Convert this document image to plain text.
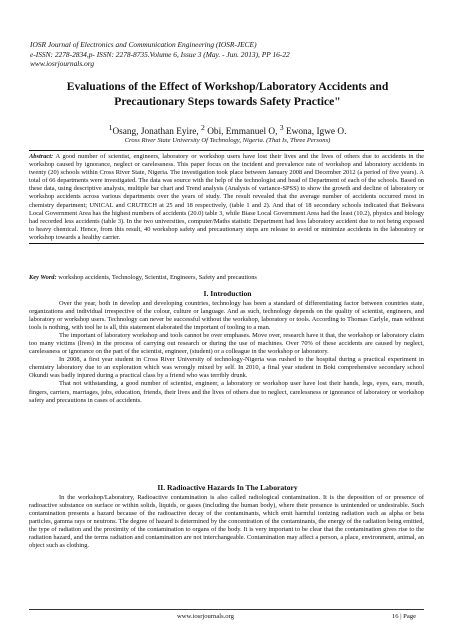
IOSR Journal of Electronics and Communication Engineering (IOSR-JECE)
e-ISSN: 2278-2834,p- ISSN: 2278-8735.Volume 6, Issue 3 (May. - Jun. 2013), PP 16-22
www.iosrjournals.org
Evaluations of the Effect of Workshop/Laboratory Accidents and Precautionary Steps towards Safety Practice"
$^1$Osang, Jonathan Eyire, $^2$ Obi, Emmanuel O, $^3$ Ewona, Igwe O.
Cross River State University Of Technology, Nigeria. (That Is, Three Persons)
Abstract: A good number of scientist, engineers, laboratory or workshop users have lost their lives and the lives of others due to accidents in the workshop caused by ignorance, neglect or carelessness. This paper focus on the incident and prevalence rate of workshop and laboratory accidents in twenty (20) schools within Cross River State, Nigeria. The investigation took place between January 2008 and December 2012 (a period of five years). A total of 66 departments were investigated. The data was source with the help of the technologist and head of Department of each of the schools. Based on these data, using descriptive analysis, multiple bar chart and Trend analysis (Analysis of variance-SPSS) to show the growth and decline of laboratory or workshop accidents across various departments over the years of study. The result revealed that the average number of accidents occurred most in chemistry department; UNICAL and CRUTECH at 25 and 18 respectively, (table 1 and 2). And that of 18 secondary schools indicated that Bekwara Local Government Area has the highest numbers of accidents (20.0) table 3, while Biase Local Government Area had the least (10.2), physics and biology had recorded less accidents (table 3). In the two universities, computer/Maths statistic Department had less laboratory accident due to not being exposed to heavy chemical. Hence, from this result, 40 workshop safety and precautionary steps are release to avoid or minimize accidents in the laboratory or workshop towards a healthy carrier.
Key Word: workshop accidents, Technology, Scientist, Engineers, Safety and precautions
I. Introduction

Over the year, both in develop and developing countries, technology has been a standard of differentiating factor between countries state, organizations and individual irrespective of the colour, culture or language. And as such, technology depends on the quality of scientist, engineers, and laboratory or workshop users. Technology can never be successful without the workshop, laboratory or tools. According to Thomas Carlyle, man without tools is nothing, with tool he is all, this statement elaborated the important of tooling to a man.

The important of laboratory workshop and tools cannot be over emphases. Move over, research have it that, the workshop or laboratory claim too many victims (lives) in the process of carrying out research or during the use of machines. Over 70% of these accidents are caused by neglect, carelessness or ignorance on the part of the scientist, engineer, (student) or a colleague in the workshop or laboratory.

In 2008, a first year student in Cross River University of technology-Nigeria was rushed to the hospital during a practical experiment in chemistry laboratory due to an exploration which was wrongly mixed by self. In 2010, a final year student in Boki comprehensive secondary school Okundi was badly injured during a practical class by a friend who was terribly drunk.

That not withstanding, a good number of scientist, engineer, a laboratory or workshop user have lost their hands, legs, eyes, ears, mouth, fingers, carriers, marriages, jobs, education, friends, their lives and the lives of others due to neglect, carelessness or ignorance of laboratory or workshop safety and precautions in cases of accidents.

II. Radioactive Hazards In The Laboratory

In the workshop/Laboratory, Radioactive contamination is also called radiological contamination. It is the deposition of or presence of radioactive substance on surface or within solids, liquids, or gases (including the human body), where their presence is unintended or undesirable. Such contamination presents a hazard because of the radioactive decay of the contaminants, which emit harmful ionizing radiation such as alpha or beta particles, gamma rays or neutrons. The degree of hazard is determined by the concentration of the contaminants, the energy of the radiation being emitted, the type of radiation and the proximity of the contamination to organs of the body. It is very important to be clear that the contamination gives rise to the radiation hazard, and the terms radiation and contamination are not interchangeable. Contamination may affect a person, a place, environment, animal, an object such as clothing.

www.iosrjournals.org	16 | Page
